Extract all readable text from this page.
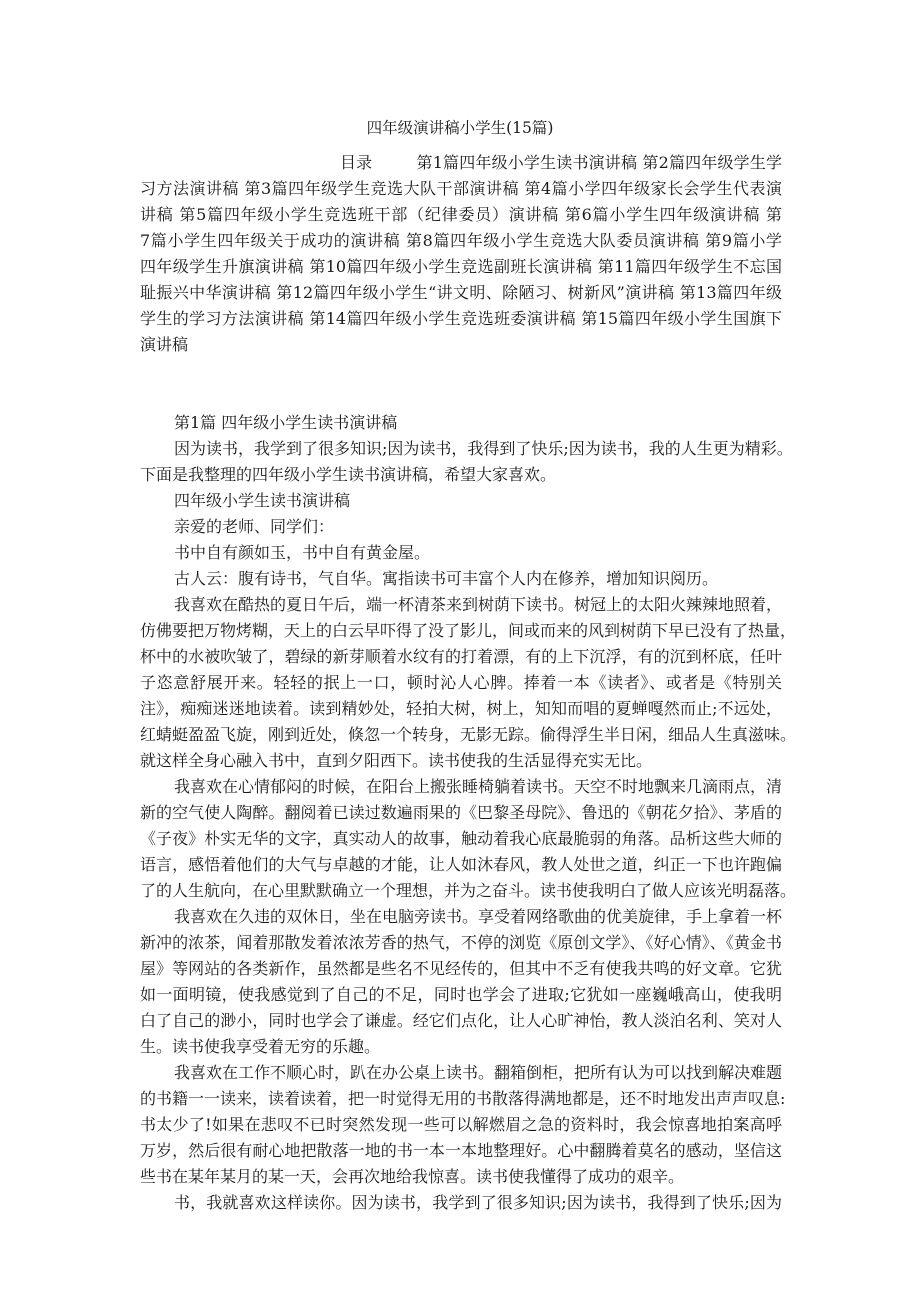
四年级演讲稿小学生(15篇)
目录	第1篇四年级小学生读书演讲稿 第2篇四年级学生学
习方法演讲稿 第3篇四年级学生竞选大队干部演讲稿 第4篇小学四年级家长会学生代表演
讲稿 第5篇四年级小学生竞选班干部（纪律委员）演讲稿 第6篇小学生四年级演讲稿 第
7篇小学生四年级关于成功的演讲稿 第8篇四年级小学生竞选大队委员演讲稿 第9篇小学
四年级学生升旗演讲稿 第10篇四年级小学生竞选副班长演讲稿 第11篇四年级学生不忘国
耻振兴中华演讲稿 第12篇四年级小学生“讲文明、除陋习、树新风”演讲稿 第13篇四年级
学生的学习方法演讲稿 第14篇四年级小学生竞选班委演讲稿 第15篇四年级小学生国旗下
演讲稿
第1篇 四年级小学生读书演讲稿
因为读书，我学到了很多知识;因为读书，我得到了快乐;因为读书，我的人生更为精彩。
下面是我整理的四年级小学生读书演讲稿，希望大家喜欢。
四年级小学生读书演讲稿
亲爱的老师、同学们：
书中自有颜如玉，书中自有黄金屋。
古人云：腹有诗书，气自华。寓指读书可丰富个人内在修养，增加知识阅历。
我喜欢在酷热的夏日午后，端一杯清茶来到树荫下读书。树冠上的太阳火辣辣地照着，
仿佛要把万物烤糊，天上的白云早吓得了没了影儿，间或而来的风到树荫下早已没有了热量，
杯中的水被吹皱了，碧绿的新芽顺着水纹有的打着漂，有的上下沉浮，有的沉到杯底，任叶
子恣意舒展开来。轻轻的抿上一口，顿时沁人心脾。捧着一本《读者》、或者是《特别关
注》，痴痴迷迷地读着。读到精妙处，轻拍大树，树上，知知而唱的夏蝉嘎然而止;不远处，
红蜻蜓盈盈飞旋，刚到近处，倏忽一个转身，无影无踪。偷得浮生半日闲，细品人生真滋味。
就这样全身心融入书中，直到夕阳西下。读书使我的生活显得充实无比。
我喜欢在心情郁闷的时候，在阳台上搬张睡椅躺着读书。天空不时地飘来几滴雨点，清
新的空气使人陶醉。翻阅着已读过数遍雨果的《巴黎圣母院》、鲁迅的《朝花夕拾》、茅盾的
《子夜》朴实无华的文字，真实动人的故事，触动着我心底最脆弱的角落。品析这些大师的
语言，感悟着他们的大气与卓越的才能，让人如沐春风，教人处世之道，纠正一下也许跑偏
了的人生航向，在心里默默确立一个理想，并为之奋斗。读书使我明白了做人应该光明磊落。
我喜欢在久违的双休日，坐在电脑旁读书。享受着网络歌曲的优美旋律，手上拿着一杯
新冲的浓茶，闻着那散发着浓浓芳香的热气，不停的浏览《原创文学》、《好心情》、《黄金书
屋》等网站的各类新作，虽然都是些名不见经传的，但其中不乏有使我共鸣的好文章。它犹
如一面明镜，使我感觉到了自己的不足，同时也学会了进取;它犹如一座巍峨高山，使我明
白了自己的渺小，同时也学会了谦虚。经它们点化，让人心旷神怡，教人淡泊名利、笑对人
生。读书使我享受着无穷的乐趣。
我喜欢在工作不顺心时，趴在办公桌上读书。翻箱倒柜，把所有认为可以找到解决难题
的书籍一一读来，读着读着，把一时觉得无用的书散落得满地都是，还不时地发出声声叹息:
书太少了!如果在悲叹不已时突然发现一些可以解燃眉之急的资料时，我会惊喜地拍案高呼
万岁，然后很有耐心地把散落一地的书一本一本地整理好。心中翻腾着莫名的感动，坚信这
些书在某年某月的某一天，会再次地给我惊喜。读书使我懂得了成功的艰辛。
书，我就喜欢这样读你。因为读书，我学到了很多知识;因为读书，我得到了快乐;因为
